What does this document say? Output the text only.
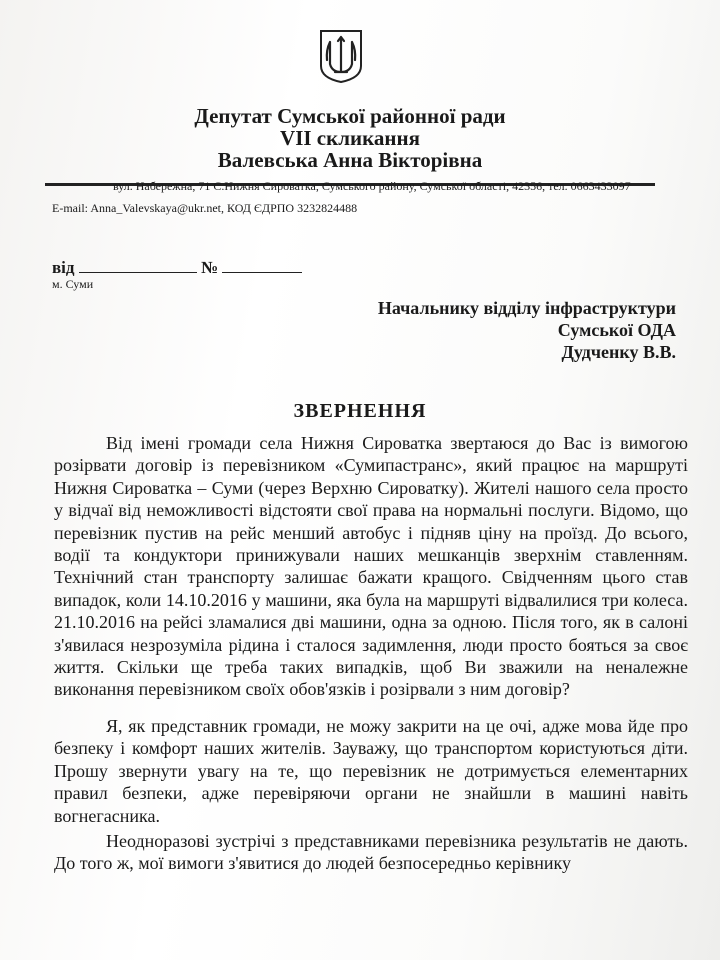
Депутат Сумської районної ради
VII скликання
Валевська Анна Вікторівна
вул. Набережна, 71 С.Нижня Сироватка, Сумського району, Сумської області, 42356, тел. 0663433097
E-mail: Anna_Valevskaya@ukr.net, КОД ЄДРПО 3232824488
від	№
м. Суми
Начальнику відділу інфраструктури
Сумської ОДА
Дудченку В.В.
ЗВЕРНЕННЯ

Від імені громади села Нижня Сироватка звертаюся до Вас із вимогою розірвати договір із перевізником «Сумипастранс», який працює на маршруті Нижня Сироватка – Суми (через Верхню Сироватку). Жителі нашого села просто у відчаї від неможливості відстояти свої права на нормальні послуги. Відомо, що перевізник пустив на рейс менший автобус і підняв ціну на проїзд. До всього, водії та кондуктори принижували наших мешканців зверхнім ставленням. Технічний стан транспорту залишає бажати кращого. Свідченням цього став випадок, коли 14.10.2016 у машини, яка була на маршруті відвалилися три колеса. 21.10.2016 на рейсі зламалися дві машини, одна за одною. Після того, як в салоні з'явилася незрозуміла рідина і сталося задимлення, люди просто бояться за своє життя. Скільки ще треба таких випадків, щоб Ви зважили на неналежне виконання перевізником своїх обов'язків і розірвали з ним договір?

Я, як представник громади, не можу закрити на це очі, адже мова йде про безпеку і комфорт наших жителів. Зауважу, що транспортом користуються діти. Прошу звернути увагу на те, що перевізник не дотримується елементарних правил безпеки, адже перевіряючи органи не знайшли в машині навіть вогнегасника.

Неодноразові зустрічі з представниками перевізника результатів не дають. До того ж, мої вимоги з'явитися до людей безпосередньо керівнику
